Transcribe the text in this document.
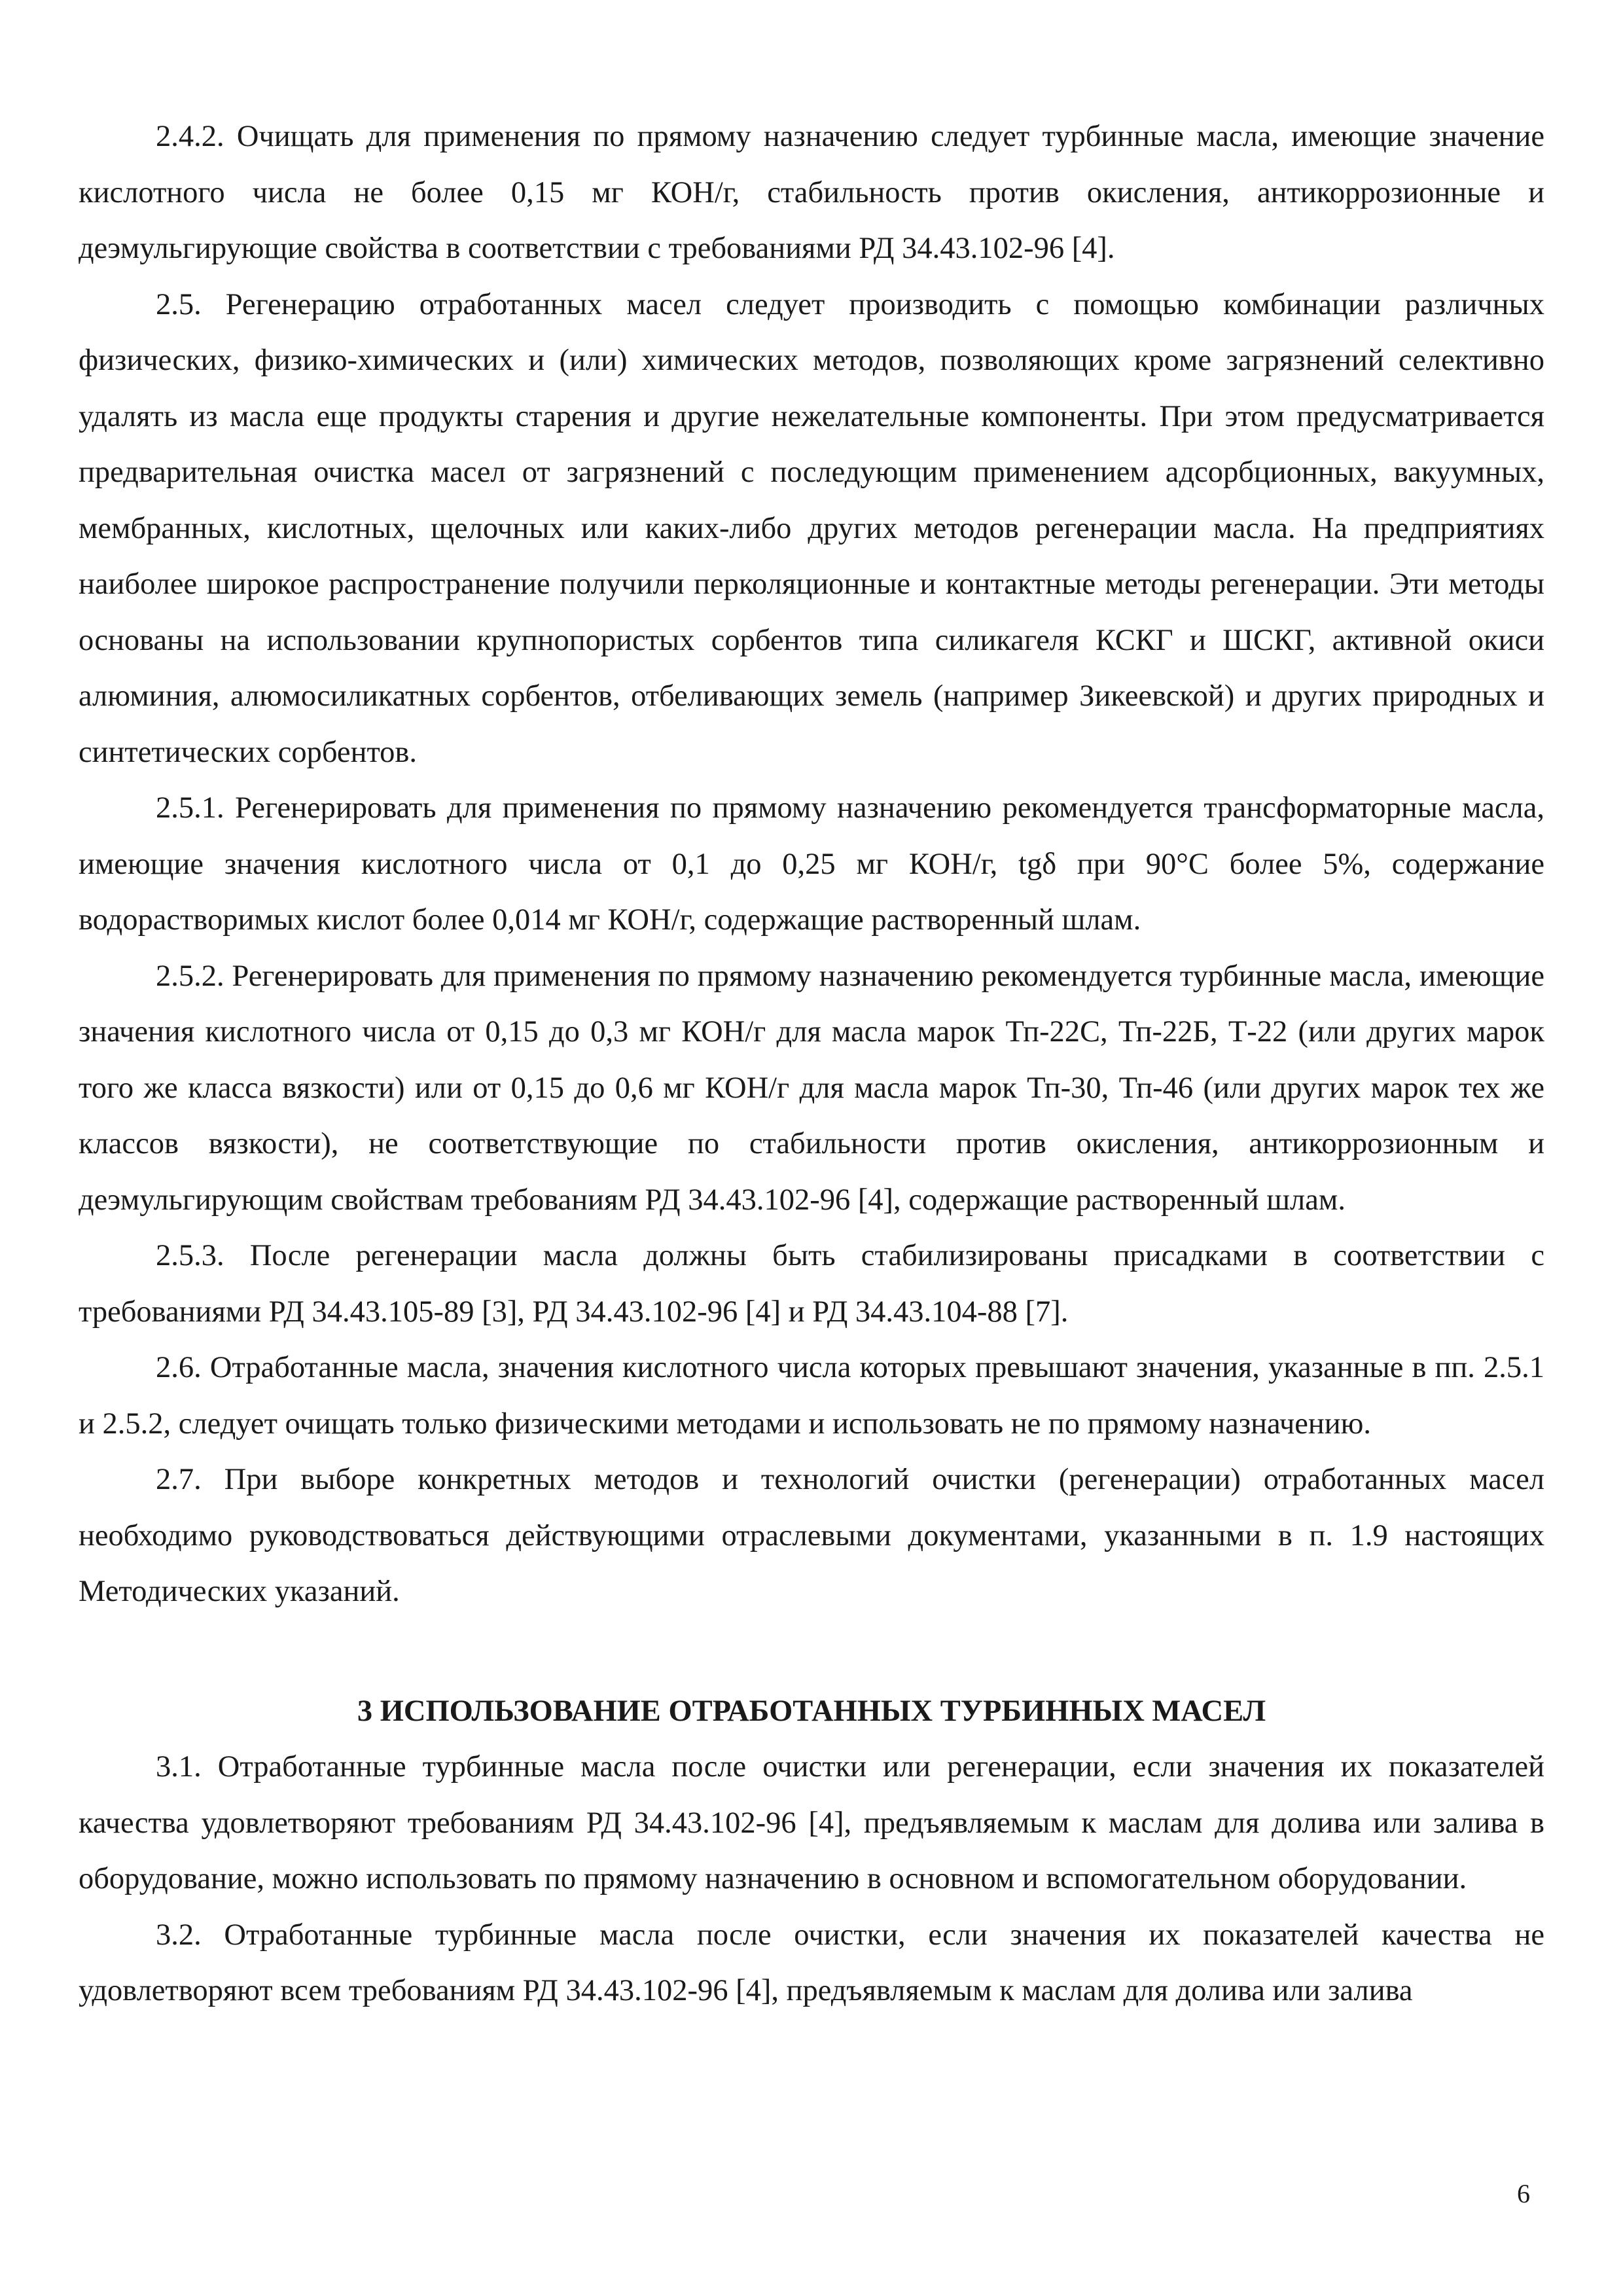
2.4.2. Очищать для применения по прямому назначению следует турбинные масла, имеющие значение кислотного числа не более 0,15 мг КОН/г, стабильность против окисления, антикоррозионные и деэмульгирующие свойства в соответствии с требованиями РД 34.43.102-96 [4].

2.5. Регенерацию отработанных масел следует производить с помощью комбинации различных физических, физико-химических и (или) химических методов, позволяющих кроме загрязнений селективно удалять из масла еще продукты старения и другие нежелательные компоненты. При этом предусматривается предварительная очистка масел от загрязнений с последующим применением адсорбционных, вакуумных, мембранных, кислотных, щелочных или каких-либо других методов регенерации масла. На предприятиях наиболее широкое распространение получили перколяционные и контактные методы регенерации. Эти методы основаны на использовании крупнопористых сорбентов типа силикагеля КСКГ и ШСКГ, активной окиси алюминия, алюмосиликатных сорбентов, отбеливающих земель (например Зикеевской) и других природных и синтетических сорбентов.

2.5.1. Регенерировать для применения по прямому назначению рекомендуется трансформаторные масла, имеющие значения кислотного числа от 0,1 до 0,25 мг КОН/г, tgδ при 90°С более 5%, содержание водорастворимых кислот более 0,014 мг КОН/г, содержащие растворенный шлам.

2.5.2. Регенерировать для применения по прямому назначению рекомендуется турбинные масла, имеющие значения кислотного числа от 0,15 до 0,3 мг КОН/г для масла марок Тп-22С, Тп-22Б, Т-22 (или других марок того же класса вязкости) или от 0,15 до 0,6 мг КОН/г для масла марок Тп-30, Тп-46 (или других марок тех же классов вязкости), не соответствующие по стабильности против окисления, антикоррозионным и деэмульгирующим свойствам требованиям РД 34.43.102-96 [4], содержащие растворенный шлам.

2.5.3. После регенерации масла должны быть стабилизированы присадками в соответствии с требованиями РД 34.43.105-89 [3], РД 34.43.102-96 [4] и РД 34.43.104-88 [7].

2.6. Отработанные масла, значения кислотного числа которых превышают значения, указанные в пп. 2.5.1 и 2.5.2, следует очищать только физическими методами и использовать не по прямому назначению.

2.7. При выборе конкретных методов и технологий очистки (регенерации) отработанных масел необходимо руководствоваться действующими отраслевыми документами, указанными в п. 1.9 настоящих Методических указаний.

3 ИСПОЛЬЗОВАНИЕ ОТРАБОТАННЫХ ТУРБИННЫХ МАСЕЛ

3.1. Отработанные турбинные масла после очистки или регенерации, если значения их показателей качества удовлетворяют требованиям РД 34.43.102-96 [4], предъявляемым к маслам для долива или залива в оборудование, можно использовать по прямому назначению в основном и вспомогательном оборудовании.

3.2. Отработанные турбинные масла после очистки, если значения их показателей качества не удовлетворяют всем требованиям РД 34.43.102-96 [4], предъявляемым к маслам для долива или залива

6
